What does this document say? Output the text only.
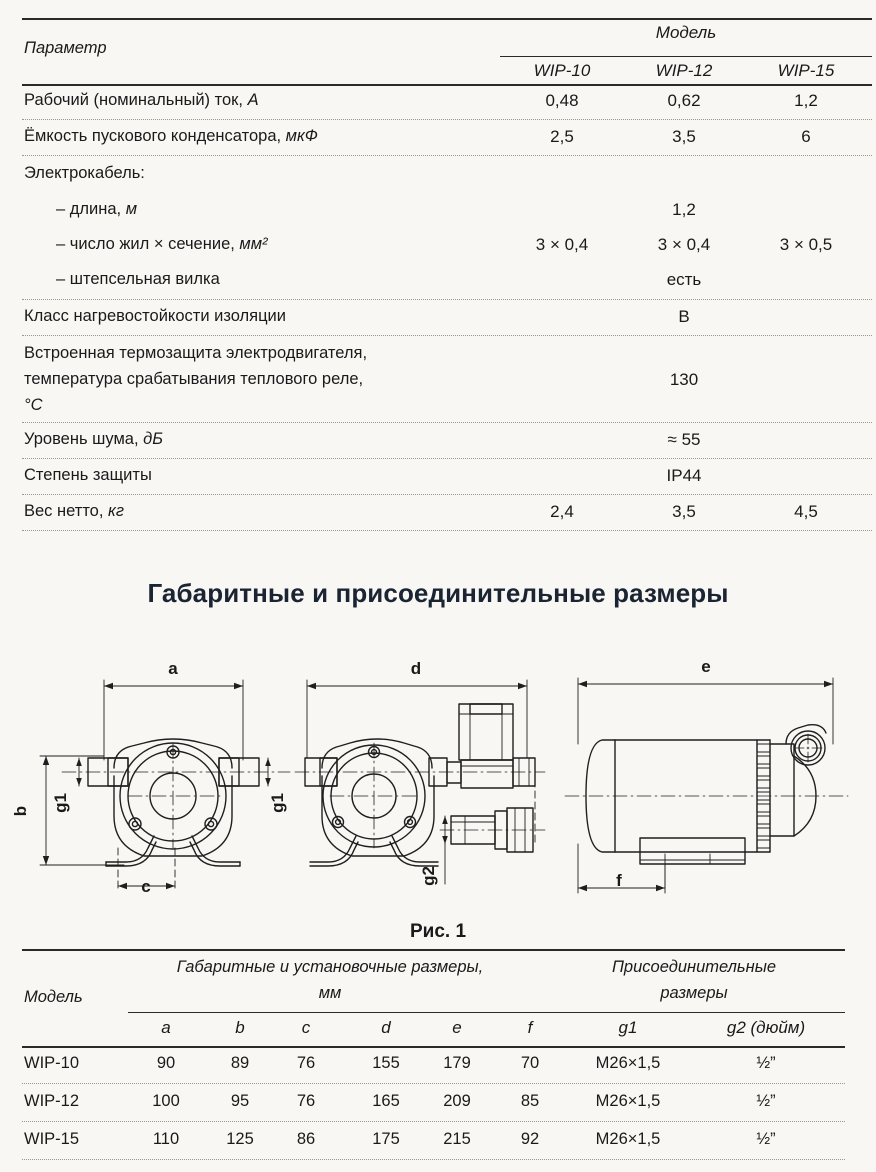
Параметр
Модель
WIP-10	WIP-12	WIP-15
Рабочий (номинальный) ток, А	0,48	0,62	1,2
Ёмкость пускового конденсатора, мкФ	2,5	3,5	6
Электрокабель:
– длина, м	1,2
– число жил × сечение, мм²	3 × 0,4	3 × 0,4	3 × 0,5
– штепсельная вилка	есть
Класс нагревостойкости изоляции	В
Встроенная термозащита электродвигателя,
температура срабатывания теплового реле,
°C
130
Уровень шума, дБ	≈ 55
Степень защиты	IP44
Вес нетто, кг	2,4	3,5	4,5
Габаритные и присоединительные размеры
a	d	e
c	f
b g1	g1
g2
Рис. 1
Модель
Габаритные и установочные размеры,
мм
Присоединительные
размеры
a	b	c	d	e	f	g1	g2 (дюйм)
WIP-10	90	89	76	155	179	70	M26×1,5	½”
WIP-12	100	95	76	165	209	85	M26×1,5	½”
WIP-15	110	125	86	175	215	92	M26×1,5	½”
